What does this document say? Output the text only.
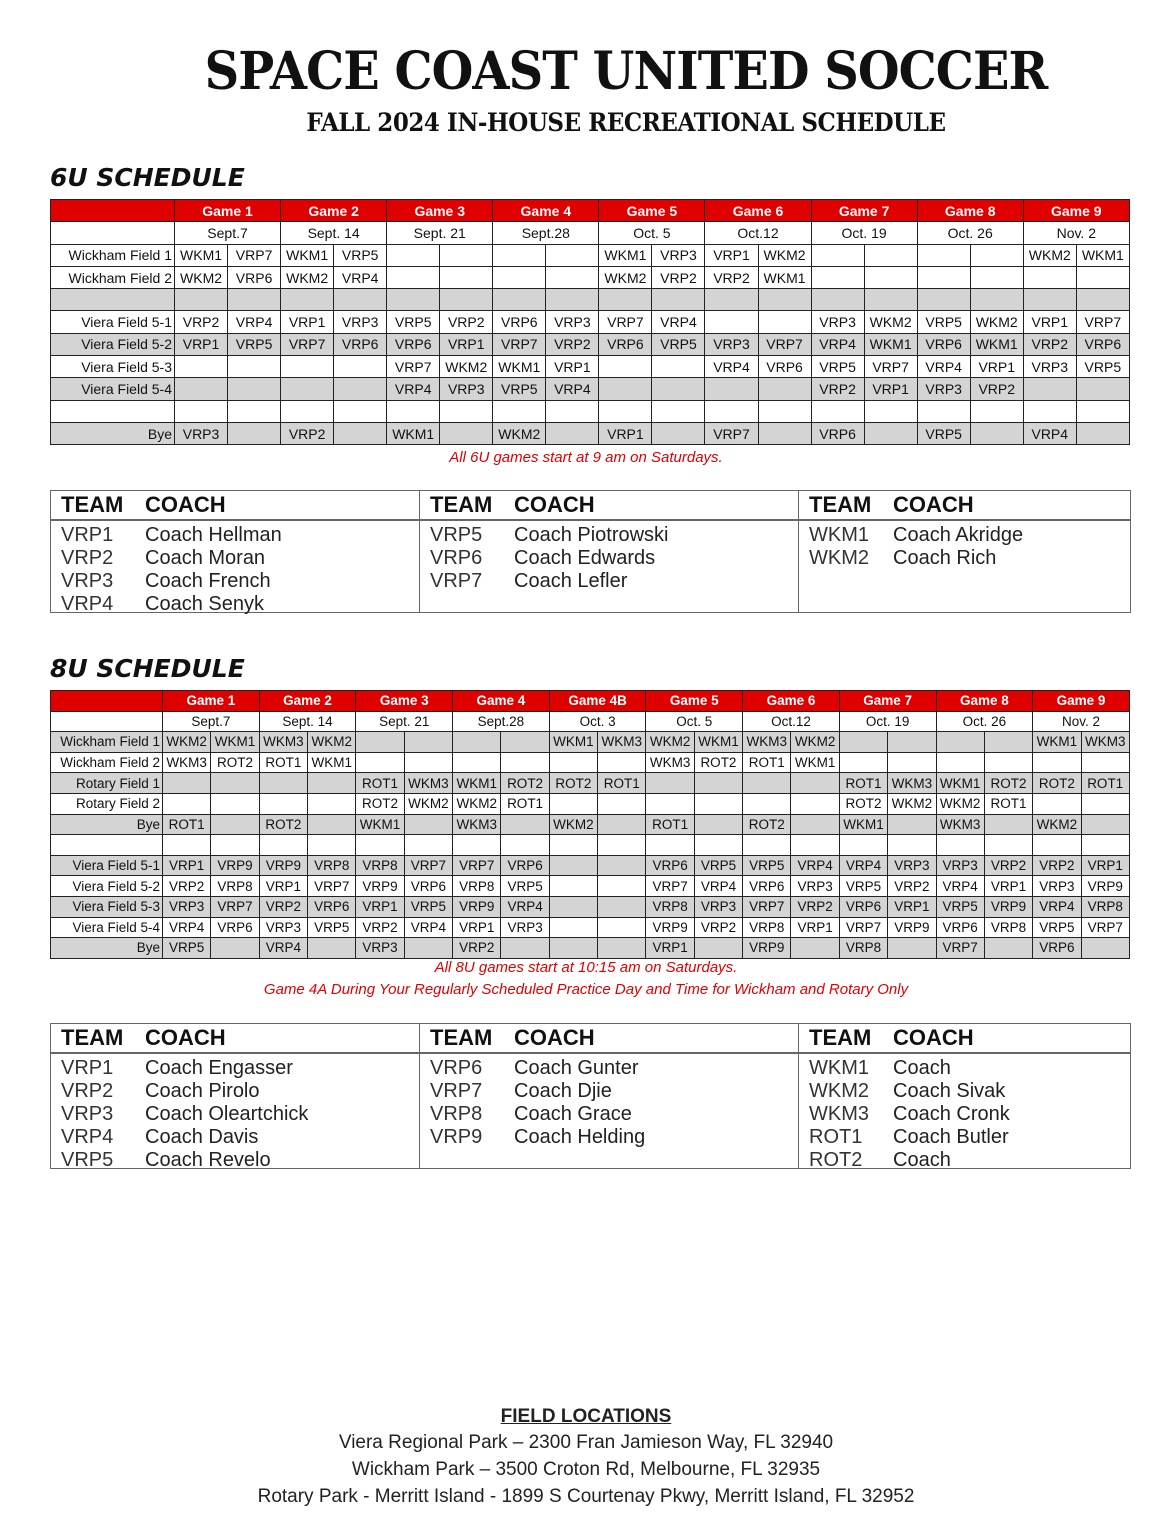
SPACE COAST UNITED SOCCER
FALL 2024 IN-HOUSE RECREATIONAL SCHEDULE
6U SCHEDULE
	Game 1		Game 2		Game 3		Game 4		Game 5		Game 6		Game 7		Game 8		Game 9	
	Sept.7		Sept. 14		Sept. 21		Sept.28		Oct. 5		Oct.12		Oct. 19		Oct. 26		Nov. 2	
Wickham Field 1	WKM1	VRP7	WKM1	VRP5					WKM1	VRP3	VRP1	WKM2					WKM2	WKM1
Wickham Field 2	WKM2	VRP6	WKM2	VRP4					WKM2	VRP2	VRP2	WKM1						

Viera Field 5-1	VRP2	VRP4	VRP1	VRP3	VRP5	VRP2	VRP6	VRP3	VRP7	VRP4			VRP3	WKM2	VRP5	WKM2	VRP1	VRP7
Viera Field 5-2	VRP1	VRP5	VRP7	VRP6	VRP6	VRP1	VRP7	VRP2	VRP6	VRP5	VRP3	VRP7	VRP4	WKM1	VRP6	WKM1	VRP2	VRP6
Viera Field 5-3					VRP7	WKM2	WKM1	VRP1			VRP4	VRP6	VRP5	VRP7	VRP4	VRP1	VRP3	VRP5
Viera Field 5-4					VRP4	VRP3	VRP5	VRP4					VRP2	VRP1	VRP3	VRP2		

Bye	VRP3		VRP2		WKM1		WKM2		VRP1		VRP7		VRP6		VRP5		VRP4	
All 6U games start at 9 am on Saturdays.
TEAM COACH
VRP1	Coach Hellman
VRP2	Coach Moran
VRP3	Coach French
VRP4	Coach Senyk
TEAM COACH
VRP5	Coach Piotrowski
VRP6	Coach Edwards
VRP7	Coach Lefler
TEAM COACH
WKM1	Coach Akridge
WKM2	Coach Rich
8U SCHEDULE
	Game 1		Game 2		Game 3		Game 4		Game 4B		Game 5		Game 6		Game 7		Game 8		Game 9	
	Sept.7		Sept. 14		Sept. 21		Sept.28		Oct. 3		Oct. 5		Oct.12		Oct. 19		Oct. 26		Nov. 2	
Wickham Field 1	WKM2	WKM1	WKM3	WKM2					WKM1	WKM3	WKM2	WKM1	WKM3	WKM2					WKM1	WKM3
Wickham Field 2	WKM3	ROT2	ROT1	WKM1							WKM3	ROT2	ROT1	WKM1						
Rotary Field 1					ROT1	WKM3	WKM1	ROT2	ROT2	ROT1					ROT1	WKM3	WKM1	ROT2	ROT2	ROT1
Rotary Field 2					ROT2	WKM2	WKM2	ROT1							ROT2	WKM2	WKM2	ROT1		
Bye	ROT1		ROT2		WKM1		WKM3		WKM2		ROT1		ROT2		WKM1		WKM3		WKM2	

Viera Field 5-1	VRP1	VRP9	VRP9	VRP8	VRP8	VRP7	VRP7	VRP6			VRP6	VRP5	VRP5	VRP4	VRP4	VRP3	VRP3	VRP2	VRP2	VRP1
Viera Field 5-2	VRP2	VRP8	VRP1	VRP7	VRP9	VRP6	VRP8	VRP5			VRP7	VRP4	VRP6	VRP3	VRP5	VRP2	VRP4	VRP1	VRP3	VRP9
Viera Field 5-3	VRP3	VRP7	VRP2	VRP6	VRP1	VRP5	VRP9	VRP4			VRP8	VRP3	VRP7	VRP2	VRP6	VRP1	VRP5	VRP9	VRP4	VRP8
Viera Field 5-4	VRP4	VRP6	VRP3	VRP5	VRP2	VRP4	VRP1	VRP3			VRP9	VRP2	VRP8	VRP1	VRP7	VRP9	VRP6	VRP8	VRP5	VRP7
Bye	VRP5		VRP4		VRP3		VRP2				VRP1		VRP9		VRP8		VRP7		VRP6	
All 8U games start at 10:15 am on Saturdays.
Game 4A During Your Regularly Scheduled Practice Day and Time for Wickham and Rotary Only
TEAM COACH
VRP1	Coach Engasser
VRP2	Coach Pirolo
VRP3	Coach Oleartchick
VRP4	Coach Davis
VRP5	Coach Revelo
TEAM COACH
VRP6	Coach Gunter
VRP7	Coach Djie
VRP8	Coach Grace
VRP9	Coach Helding
TEAM COACH
WKM1	Coach
WKM2	Coach Sivak
WKM3	Coach Cronk
ROT1	Coach Butler
ROT2	Coach
FIELD LOCATIONS
Viera Regional Park – 2300 Fran Jamieson Way, FL 32940
Wickham Park – 3500 Croton Rd, Melbourne, FL 32935
Rotary Park - Merritt Island - 1899 S Courtenay Pkwy, Merritt Island, FL 32952
